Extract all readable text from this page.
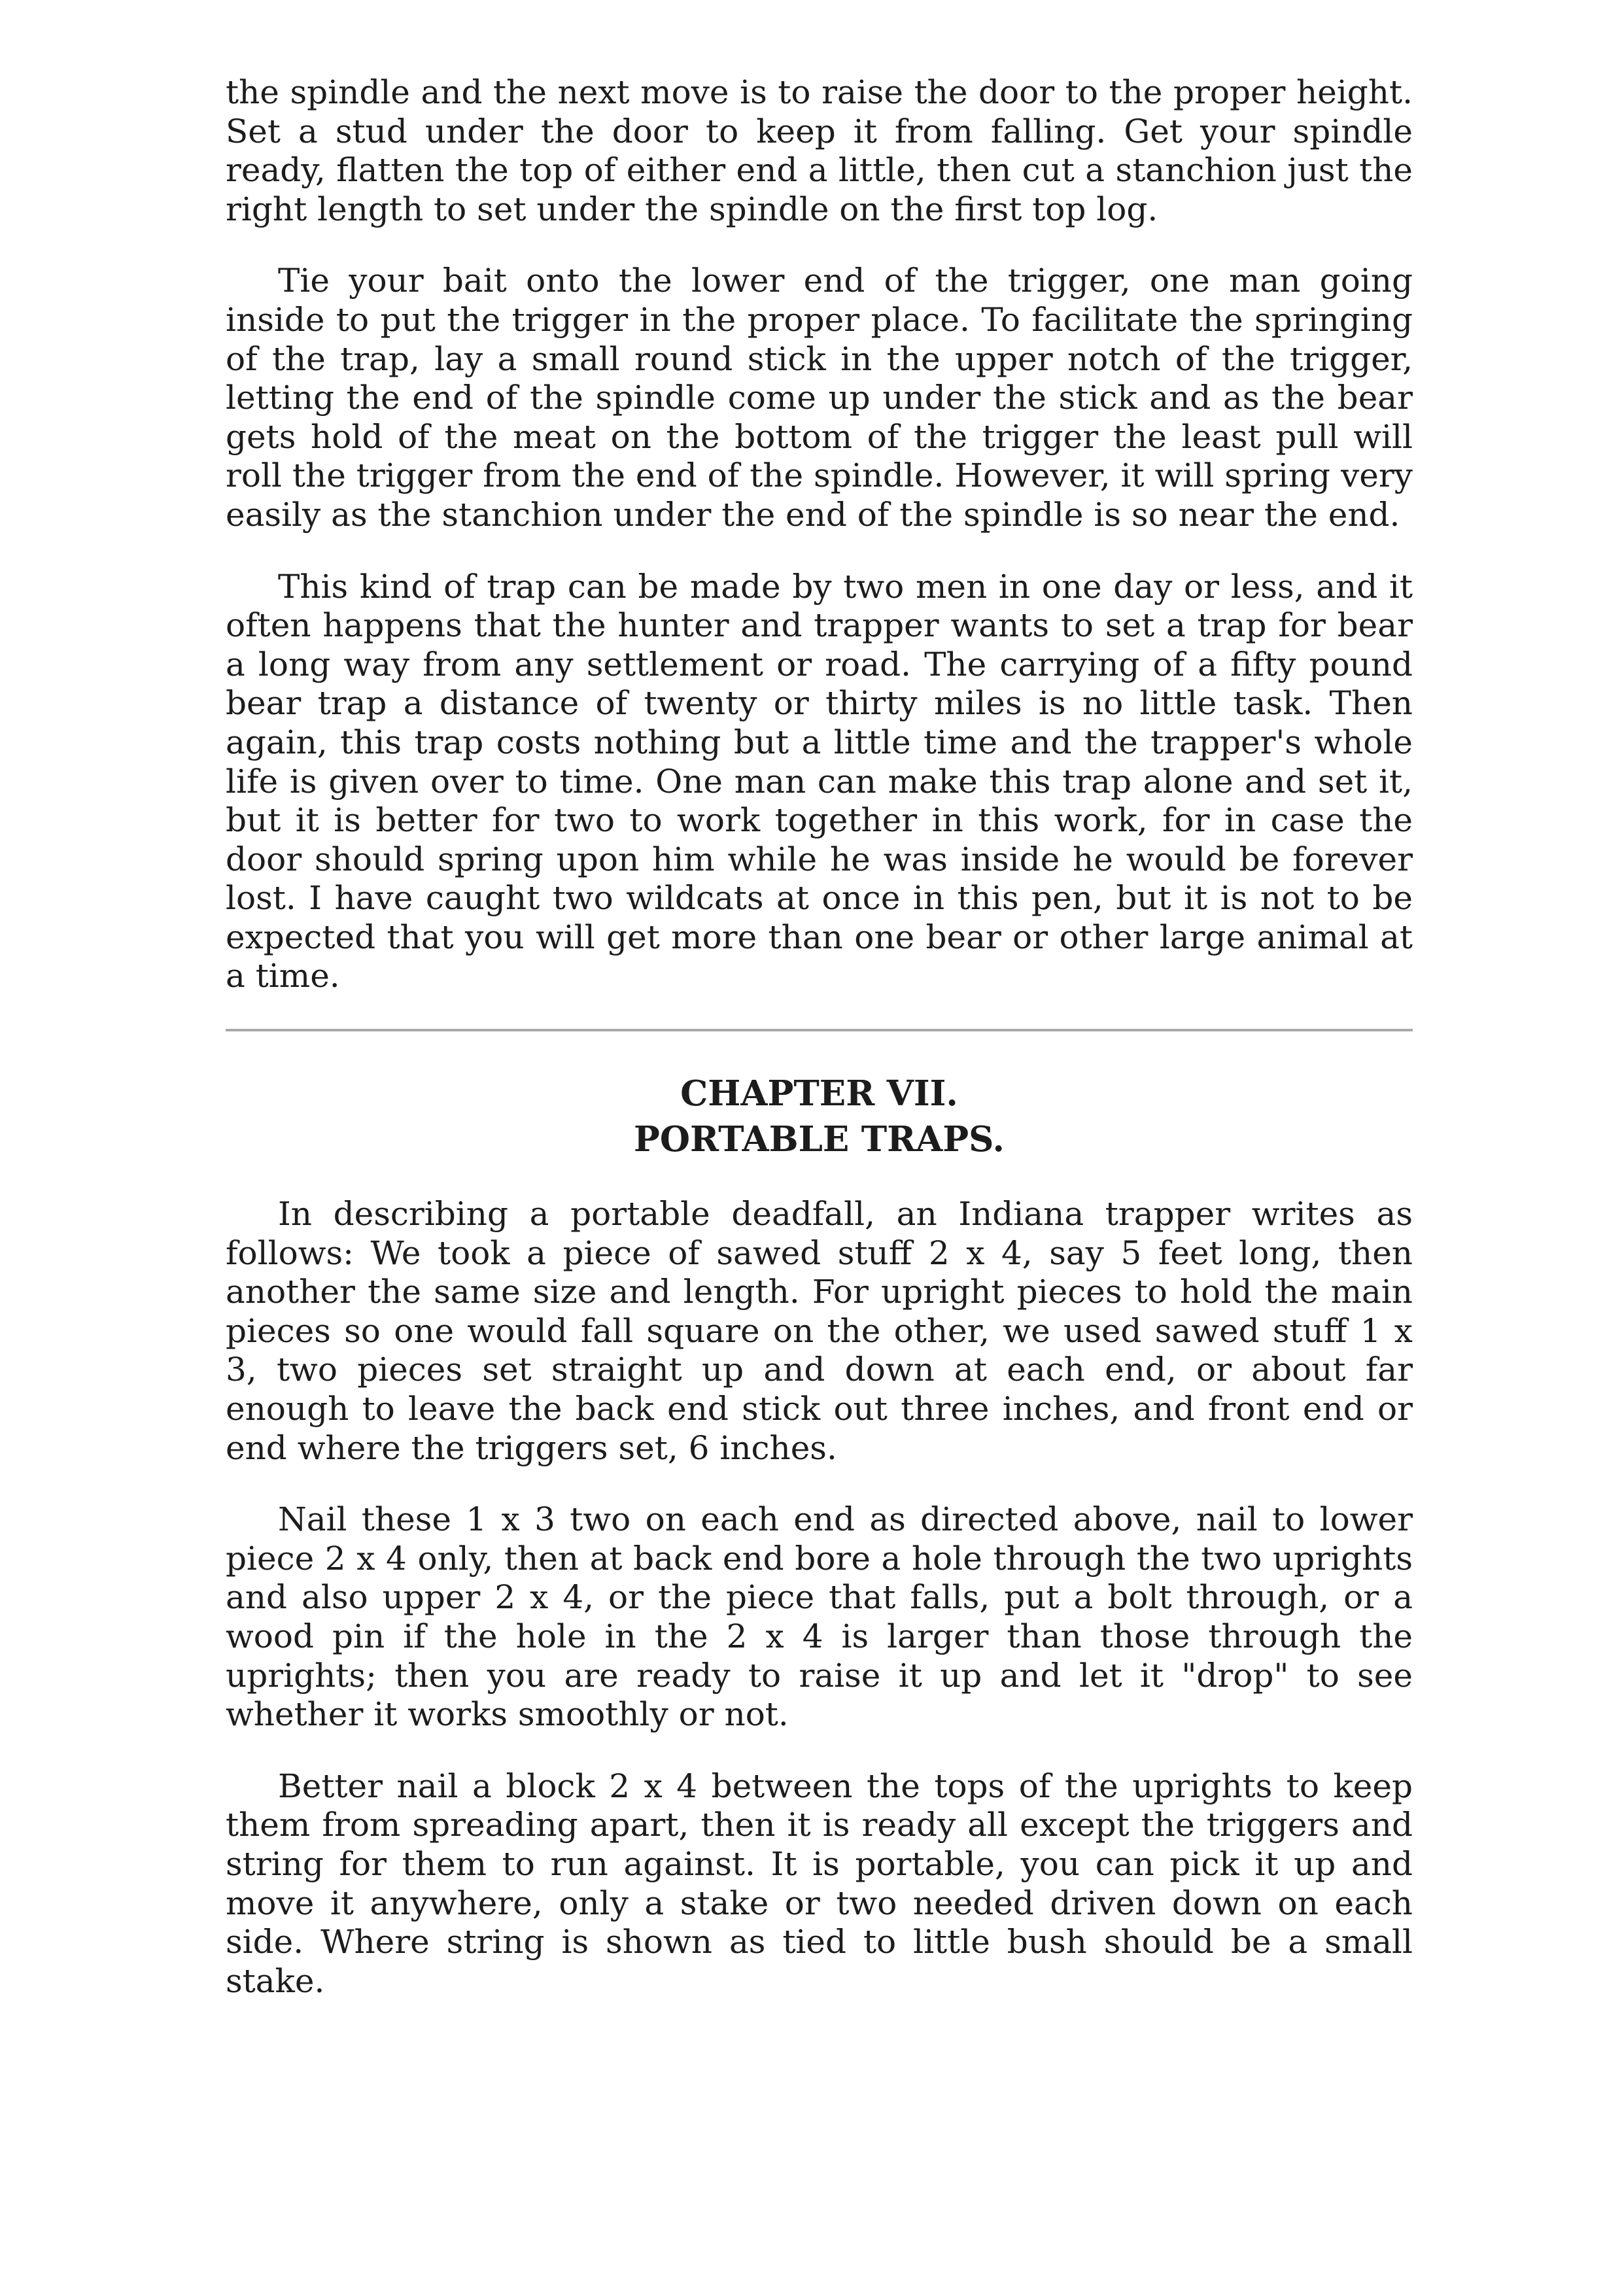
the spindle and the next move is to raise the door to the proper height. Set a stud under the door to keep it from falling. Get your spindle ready, flatten the top of either end a little, then cut a stanchion just the right length to set under the spindle on the first top log.

Tie your bait onto the lower end of the trigger, one man going inside to put the trigger in the proper place. To facilitate the springing of the trap, lay a small round stick in the upper notch of the trigger, letting the end of the spindle come up under the stick and as the bear gets hold of the meat on the bottom of the trigger the least pull will roll the trigger from the end of the spindle. However, it will spring very easily as the stanchion under the end of the spindle is so near the end.

This kind of trap can be made by two men in one day or less, and it often happens that the hunter and trapper wants to set a trap for bear a long way from any settlement or road. The carrying of a fifty pound bear trap a distance of twenty or thirty miles is no little task. Then again, this trap costs nothing but a little time and the trapper's whole life is given over to time. One man can make this trap alone and set it, but it is better for two to work together in this work, for in case the door should spring upon him while he was inside he would be forever lost. I have caught two wildcats at once in this pen, but it is not to be expected that you will get more than one bear or other large animal at a time.

CHAPTER VII.
PORTABLE TRAPS.

In describing a portable deadfall, an Indiana trapper writes as follows: We took a piece of sawed stuff 2 x 4, say 5 feet long, then another the same size and length. For upright pieces to hold the main pieces so one would fall square on the other, we used sawed stuff 1 x 3, two pieces set straight up and down at each end, or about far enough to leave the back end stick out three inches, and front end or end where the triggers set, 6 inches.

Nail these 1 x 3 two on each end as directed above, nail to lower piece 2 x 4 only, then at back end bore a hole through the two uprights and also upper 2 x 4, or the piece that falls, put a bolt through, or a wood pin if the hole in the 2 x 4 is larger than those through the uprights; then you are ready to raise it up and let it "drop" to see whether it works smoothly or not.

Better nail a block 2 x 4 between the tops of the uprights to keep them from spreading apart, then it is ready all except the triggers and string for them to run against. It is portable, you can pick it up and move it anywhere, only a stake or two needed driven down on each side. Where string is shown as tied to little bush should be a small stake.
